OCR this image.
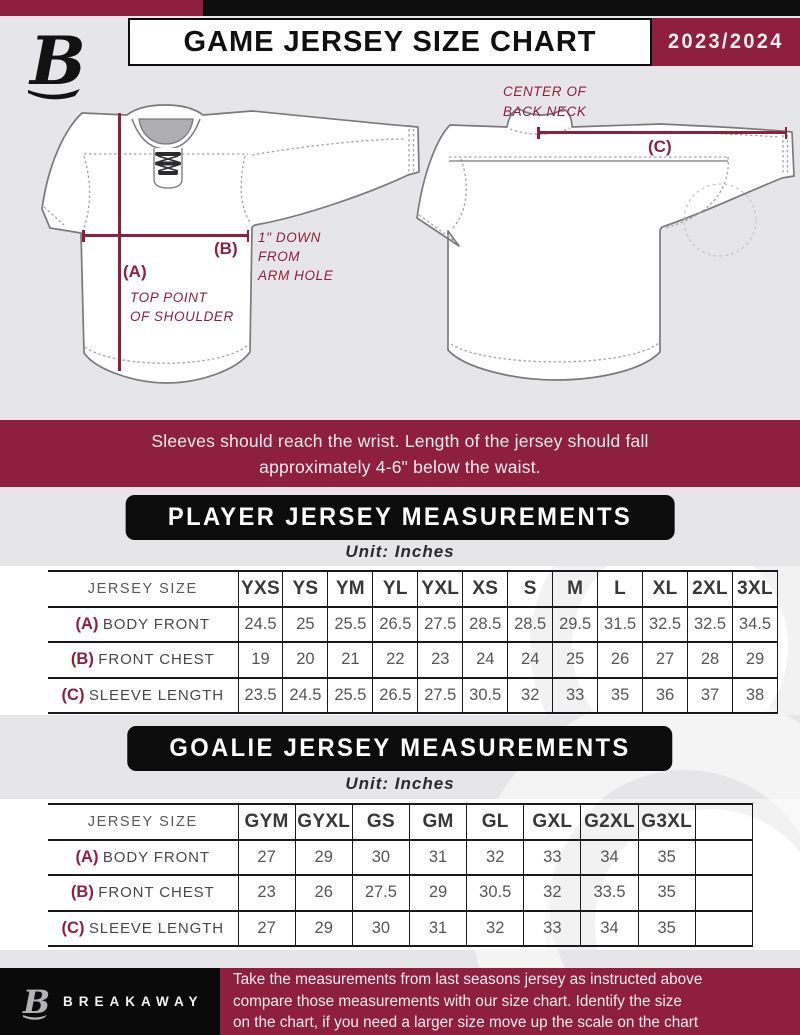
B	GAME JERSEY SIZE CHART	2023/2024
(A)
(B)
(C)
TOP POINT
OF SHOULDER
1" DOWN
FROM
ARM HOLE
CENTER OF
BACK NECK
Sleeves should reach the wrist. Length of the jersey should fall
approximately 4-6" below the waist.
PLAYER JERSEY MEASUREMENTS
Unit: Inches
JERSEY SIZE	YXS	YS	YM	YL	YXL	XS	S	M	L	XL	2XL	3XL
(A) BODY FRONT	24.5	25	25.5	26.5	27.5	28.5	28.5	29.5	31.5	32.5	32.5	34.5
(B) FRONT CHEST	19	20	21	22	23	24	24	25	26	27	28	29
(C) SLEEVE LENGTH	23.5	24.5	25.5	26.5	27.5	30.5	32	33	35	36	37	38
GOALIE JERSEY MEASUREMENTS
Unit: Inches
JERSEY SIZE	GYM	GYXL	GS	GM	GL	GXL	G2XL	G3XL	
(A) BODY FRONT	27	29	30	31	32	33	34	35	
(B) FRONT CHEST	23	26	27.5	29	30.5	32	33.5	35	
(C) SLEEVE LENGTH	27	29	30	31	32	33	34	35	
B BREAKAWAY
Take the measurements from last seasons jersey as instructed above
compare those measurements with our size chart. Identify the size
on the chart, if you need a larger size move up the scale on the chart
